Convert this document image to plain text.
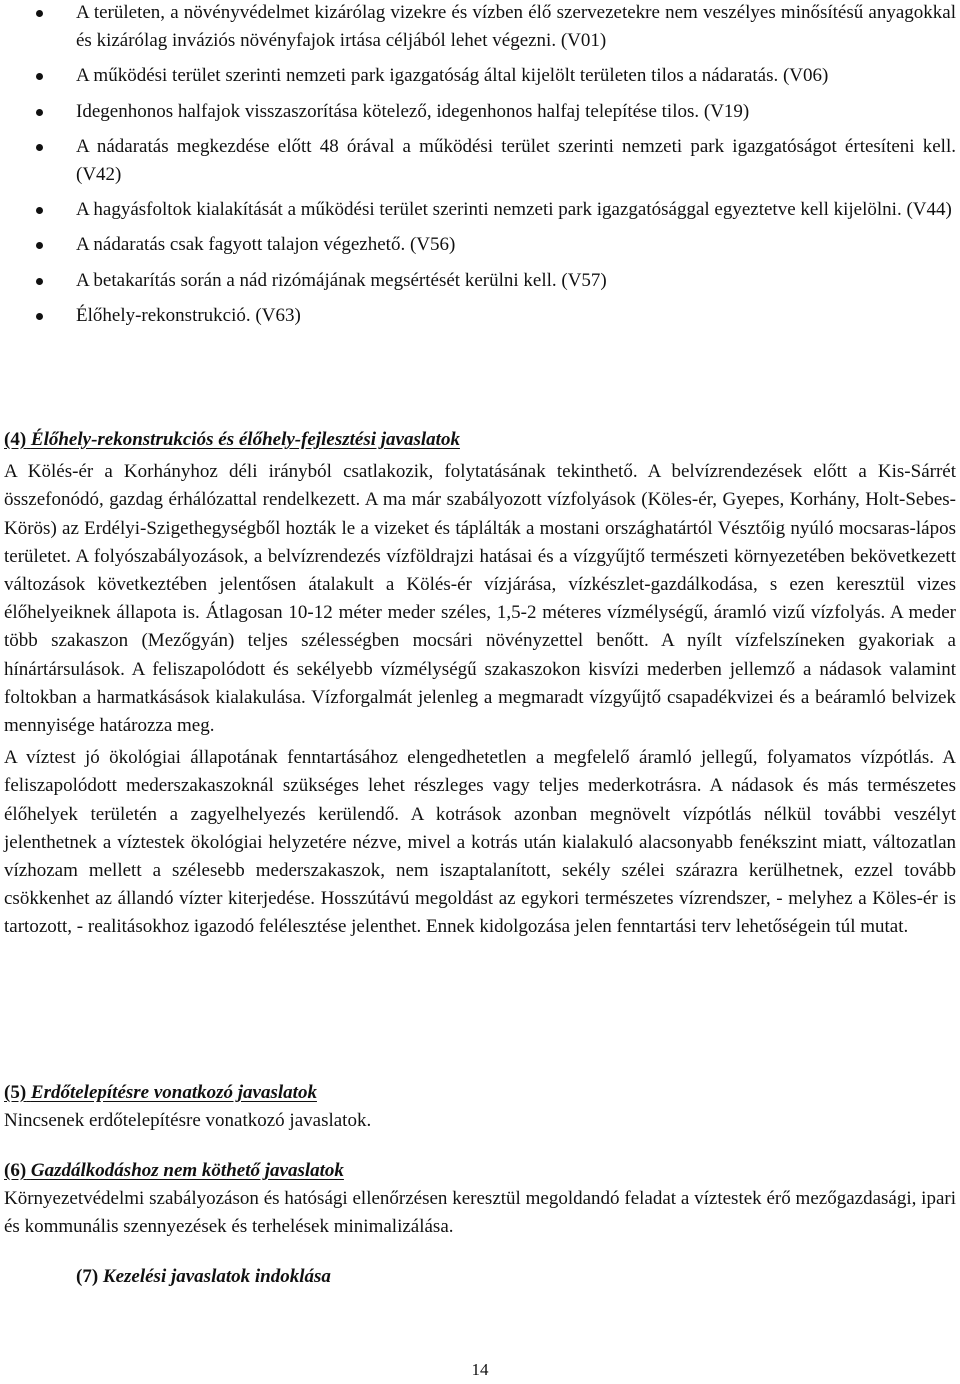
A területen, a növényvédelmet kizárólag vizekre és vízben élő szervezetekre nem veszélyes minősítésű anyagokkal és kizárólag inváziós növényfajok irtása céljából lehet végezni. (V01)
A működési terület szerinti nemzeti park igazgatóság által kijelölt területen tilos a nádaratás. (V06)
Idegenhonos halfajok visszaszorítása kötelező, idegenhonos halfaj telepítése tilos. (V19)
A nádaratás megkezdése előtt 48 órával a működési terület szerinti nemzeti park igazgatóságot értesíteni kell. (V42)
A hagyásfoltok kialakítását a működési terület szerinti nemzeti park igazgatósággal egyeztetve kell kijelölni. (V44)
A nádaratás csak fagyott talajon végezhető. (V56)
A betakarítás során a nád rizómájának megsértését kerülni kell. (V57)
Élőhely-rekonstrukció. (V63)

(4) Élőhely-rekonstrukciós és élőhely-fejlesztési javaslatok

A Kölés-ér a Korhányhoz déli irányból csatlakozik, folytatásának tekinthető. A belvízrendezések előtt a Kis-Sárrét összefonódó, gazdag érhálózattal rendelkezett. A ma már szabályozott vízfolyások (Köles-ér, Gyepes, Korhány, Holt-Sebes-Körös) az Erdélyi-Szigethegységből hozták le a vizeket és táplálták a mostani országhatártól Vésztőig nyúló mocsaras-lápos területet. A folyószabályozások, a belvízrendezés vízföldrajzi hatásai és a vízgyűjtő természeti környezetében bekövetkezett változások következtében jelentősen átalakult a Kölés-ér vízjárása, vízkészlet-gazdálkodása, s ezen keresztül vizes élőhelyeiknek állapota is. Átlagosan 10-12 méter meder széles, 1,5-2 méteres vízmélységű, áramló vizű vízfolyás. A meder több szakaszon (Mezőgyán) teljes szélességben mocsári növényzettel benőtt. A nyílt vízfelszíneken gyakoriak a hínártársulások. A feliszapolódott és sekélyebb vízmélységű szakaszokon kisvízi mederben jellemző a nádasok valamint foltokban a harmatkásások kialakulása. Vízforgalmát jelenleg a megmaradt vízgyűjtő csapadékvizei és a beáramló belvizek mennyisége határozza meg.

A víztest jó ökológiai állapotának fenntartásához elengedhetetlen a megfelelő áramló jellegű, folyamatos vízpótlás. A feliszapolódott mederszakaszoknál szükséges lehet részleges vagy teljes mederkotrásra. A nádasok és más természetes élőhelyek területén a zagyelhelyezés kerülendő. A kotrások azonban megnövelt vízpótlás nélkül további veszélyt jelenthetnek a víztestek ökológiai helyzetére nézve, mivel a kotrás után kialakuló alacsonyabb fenékszint miatt, változatlan vízhozam mellett a szélesebb mederszakaszok, nem iszaptalanított, sekély szélei szárazra kerülhetnek, ezzel tovább csökkenhet az állandó vízter kiterjedése. Hosszútávú megoldást az egykori természetes vízrendszer, - melyhez a Köles-ér is tartozott, - realitásokhoz igazodó felélesztése jelenthet. Ennek kidolgozása jelen fenntartási terv lehetőségein túl mutat.

(5) Erdőtelepítésre vonatkozó javaslatok

Nincsenek erdőtelepítésre vonatkozó javaslatok.

(6) Gazdálkodáshoz nem köthető javaslatok

Környezetvédelmi szabályozáson és hatósági ellenőrzésen keresztül megoldandó feladat a víztestek érő mezőgazdasági, ipari és kommunális szennyezések és terhelések minimalizálása.

(7) Kezelési javaslatok indoklása

14
